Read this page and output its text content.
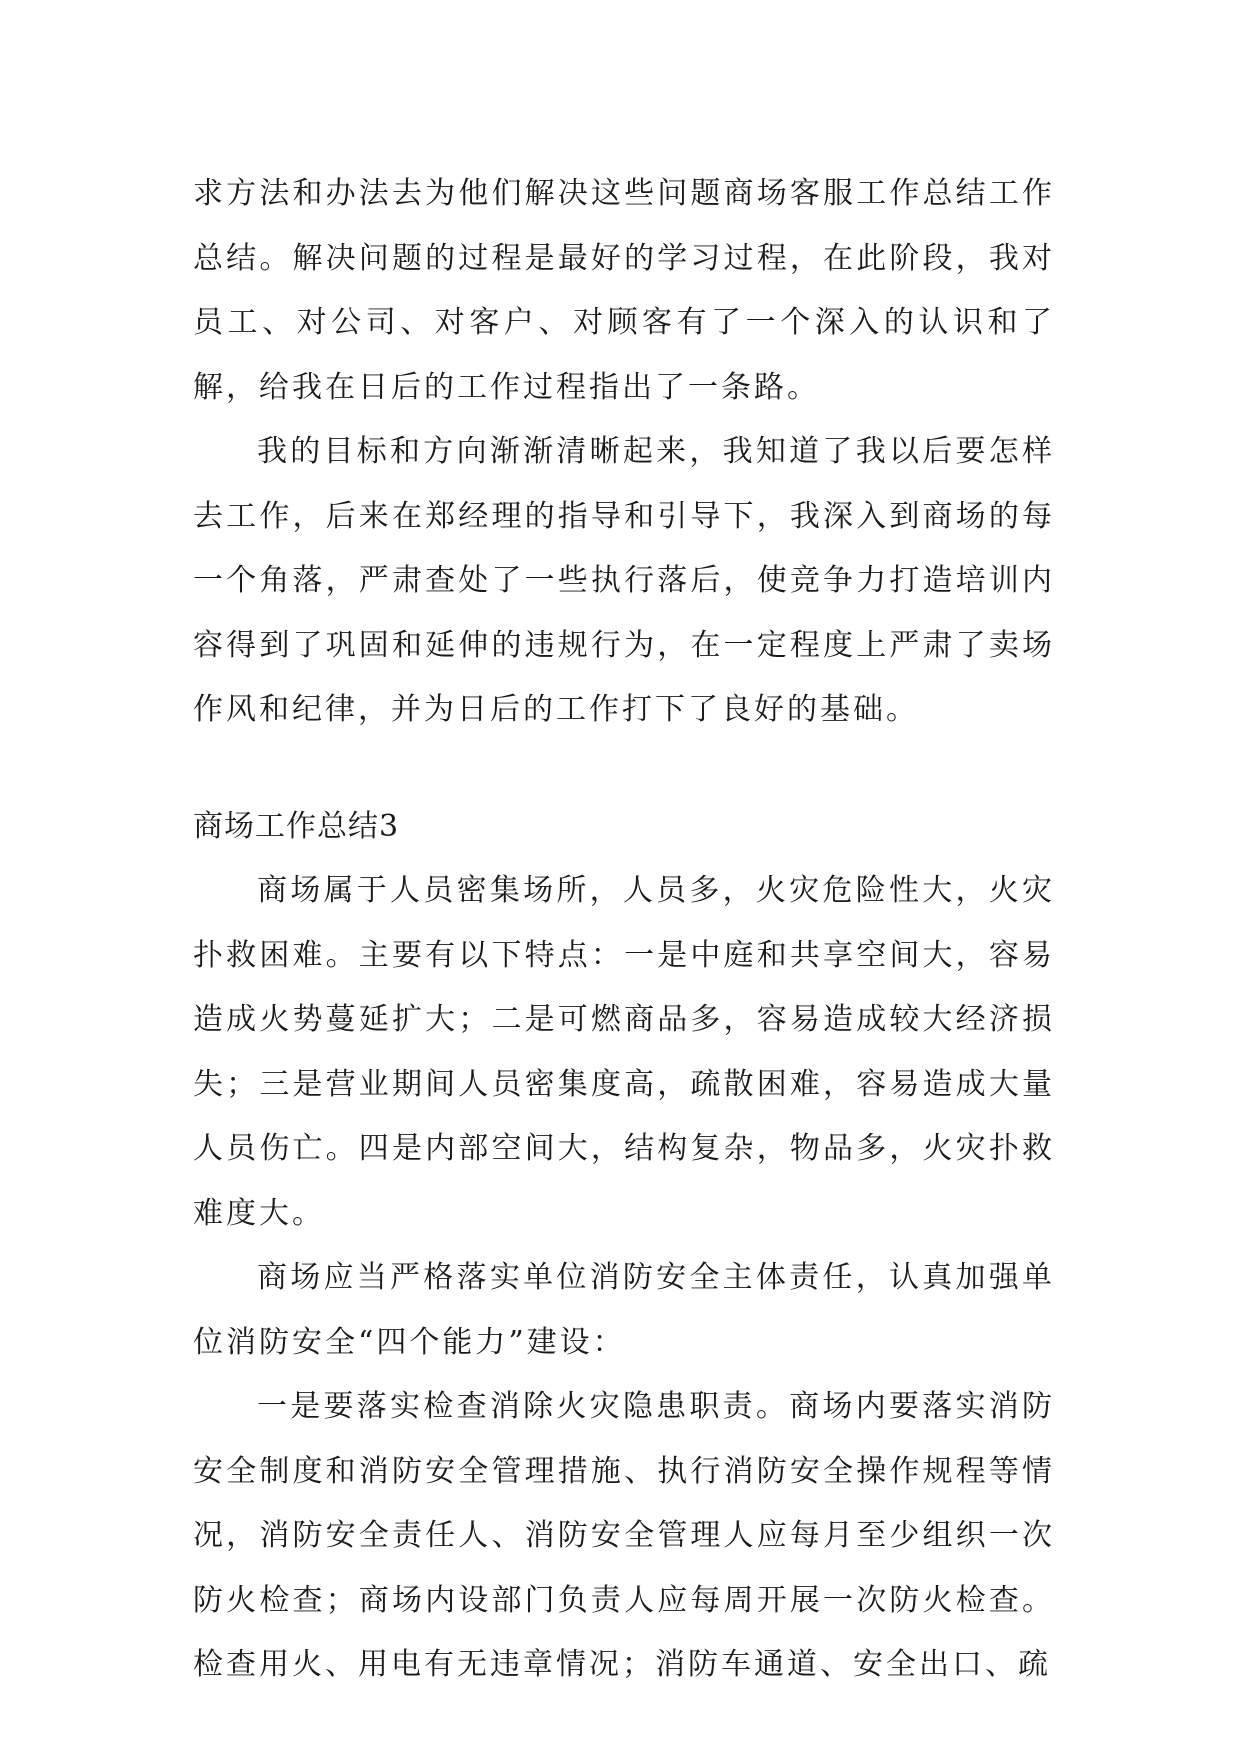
求方法和办法去为他们解决这些问题商场客服工作总结工作总结。解决问题的过程是最好的学习过程，在此阶段，我对员工、对公司、对客户、对顾客有了一个深入的认识和了解，给我在日后的工作过程指出了一条路。

我的目标和方向渐渐清晰起来，我知道了我以后要怎样去工作，后来在郑经理的指导和引导下，我深入到商场的每一个角落，严肃查处了一些执行落后，使竞争力打造培训内容得到了巩固和延伸的违规行为，在一定程度上严肃了卖场作风和纪律，并为日后的工作打下了良好的基础。

商场工作总结3

商场属于人员密集场所，人员多，火灾危险性大，火灾扑救困难。主要有以下特点：一是中庭和共享空间大，容易造成火势蔓延扩大；二是可燃商品多，容易造成较大经济损失；三是营业期间人员密集度高，疏散困难，容易造成大量人员伤亡。四是内部空间大，结构复杂，物品多，火灾扑救难度大。

商场应当严格落实单位消防安全主体责任，认真加强单位消防安全“四个能力”建设：

一是要落实检查消除火灾隐患职责。商场内要落实消防安全制度和消防安全管理措施、执行消防安全操作规程等情况，消防安全责任人、消防安全管理人应每月至少组织一次防火检查；商场内设部门负责人应每周开展一次防火检查。检查用火、用电有无违章情况；消防车通道、安全出口、疏
